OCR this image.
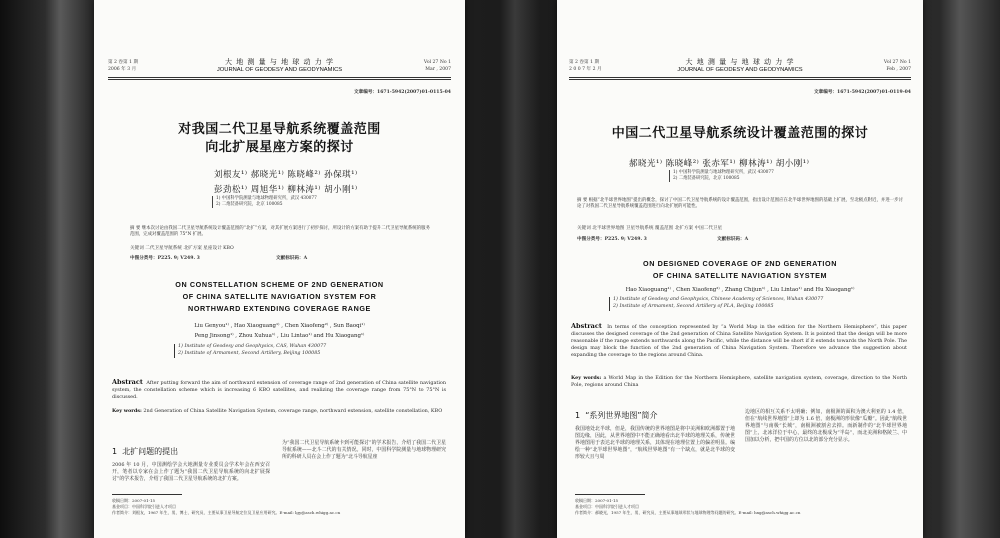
第 2 卷第 1 期
2006 年 3 月
大 地 测 量 与 地 球 动 力 学
JOURNAL OF GEODESY AND GEODYNAMICS
Vol 27 No 1
Mar , 2007
文章编号：1671-5942(2007)01-0115-04
对我国二代卫星导航系统覆盖范围
向北扩展星座方案的探讨
刘根友¹⁾ 郝晓光¹⁾ 陈晓峰²⁾ 孙保琪¹⁾
彭劲松¹⁾ 周旭华¹⁾ 柳林涛¹⁾ 胡小刚¹⁾
1) 中国科学院测量与地球物理研究所，武汉 430077
2) 二炮装备研究院，北京 100085
摘 要 继本次讨论由我国二代卫星导航系统设计覆盖范围的“北扩”方案，对其扩展方案进行了初步探讨，所设计的方案有助于提升二代卫星导航系统的服务范围，完成对覆盖范围的 75°N 扩展。
关键词 二代卫星导航系统 北扩方案 星座设计 KBO
中图分类号：P225. 9; V249. 3	文献标识码：A
ON CONSTELLATION SCHEME OF 2ND GENERATION
OF CHINA SATELLITE NAVIGATION SYSTEM FOR
NORTHWARD EXTENDING COVERAGE RANGE
Liu Genyou¹⁾ , Hao Xiaoguang¹⁾ , Chen Xiaofeng²⁾ , Sun Baoqi¹⁾
Peng Jinsong¹⁾ , Zhou Xuhua¹⁾ , Liu Lintao¹⁾ and Hu Xiaogang¹⁾
1) Institute of Geodesy and Geophysics, CAS, Wuhan 430077
2) Institute of Armament, Second Artillery, Beijing 100085
Abstract After putting forward the aim of northward extension of coverage range of 2nd generation of China satellite navigation system, the constellation scheme which is increasing 6 KBO satellites, and realizing the coverage range from 75°N to 75°N is discussed.
Key words: 2nd Generation of China Satellite Navigation System, coverage range, northward extension, satellite constellation, KBO
1 北扩问题的提出
2006 年 10 月，中国测绘学会大地测量专业委员会学术年会在西安召开，笔者以专家在会上作了题为“我国二代卫星导航系统的向北扩展探讨”的学术报告，介绍了我国二代卫星导航系统的北扩方案。
为“我国二代卫星导航系统卡到可能探讨”的学术报告，介绍了我国二代卫星导航系统——北斗二代的有关情况。同时，中国科学院测量与地球物理研究所的科研人员在会上作了题为“北斗导航星座
收稿日期：2007-01-15
基金项目：中国科学院引进人才项目
作者简介：刘根友，1967 年生，男，博士，研究员，主要从事卫星导航定位及卫星应用研究。E-mail: lgy@asch.whigg.ac.cn
第 2 卷第 1 期
2 0 0 7 年 2 月
大 地 测 量 与 地 球 动 力 学
JOURNAL OF GEODESY AND GEODYNAMICS
Vol 27 No 1
Feb , 2007
文章编号：1671-5942(2007)01-0119-04
中国二代卫星导航系统设计覆盖范围的探讨
郝晓光¹⁾ 陈晓峰²⁾ 张赤军¹⁾ 柳林涛¹⁾ 胡小刚¹⁾
1) 中国科学院测量与地球物理研究所，武汉 430077
2) 二炮装备研究院，北京 100085
摘 要 根据“北半球世界地图”提出的概念，探讨了中国二代卫星导航系统的设计覆盖范围，指出设计范围应在北半球世界地图的基础上扩展，至北极点附近，并进一步讨论了对我国二代卫星导航系统覆盖范围进行向北扩展的可能性。
关键词 北半球世界地图 卫星导航系统 覆盖范围 北扩方案 中国二代卫星
中图分类号：P225. 9; V249. 3	文献标识码：A
ON DESIGNED COVERAGE OF 2ND GENERATION
OF CHINA SATELLITE NAVIGATION SYSTEM
Hao Xiaoguang¹⁾ , Chen Xiaofeng²⁾ , Zhang Chijun¹⁾ , Liu Lintao¹⁾ and Hu Xiaogang¹⁾
1) Institute of Geodesy and Geophysics, Chinese Academy of Sciences, Wuhan 430077
2) Institute of Armament, Second Artillery of PLA, Beijing 100085
Abstract In terms of the conception represented by “a World Map in the edition for the Northern Hemisphere”, this paper discusses the designed coverage of the 2nd generation of China Satellite Navigation System. It is pointed that the design will be more reasonable if the range extends northwards along the Pacific, while the distance will be short if it extends towards the North Pole. The design may block the function of the 2nd generation of China Navigation System. Therefore we advance the suggestion about expanding the coverage to the regions around China.
Key words: a World Map in the Edition for the Northern Hemisphere, satellite navigation system, coverage, direction to the North Pole, regions around China
1 “系列世界地图”简介
我国地处北半球，但是，我国传统的世界地图是将中美洲和欧洲都置于地图边缘，因此，从世界地图中不能正确地看出北半球的地理关系，传统世界地图用于表达北半球的地理关系，其体现在地理位置上的偏差明显。编绘一种“北半球世界地图”，“航线世界地图”有一个缺点，就是北半球的变形较大且与周
边地区的相互关系不太明确；例如，南极洲的面积为澳大利亚的 1.4 倍，但在“航线世界地图”上却为 1.6 倍，南极洲的形状像“瓜瓣”。因此“航线世界地图”与南极“长城”，南极洲被割舍去掉。而新制作的“北半球世界地图”上，北冰洋位于中心，最终的北极成为“半岛”，而北美洲和格陵兰、中国加以分析，把中国的方位以北的部分充分显示。
收稿日期：2007-01-15
基金项目：中国科学院引进人才项目
作者简介：郝晓光，1957 年生，男，研究员，主要从事地球形状与地球物理等问题的研究。E-mail: hxg@asch.whigg.ac.cn
